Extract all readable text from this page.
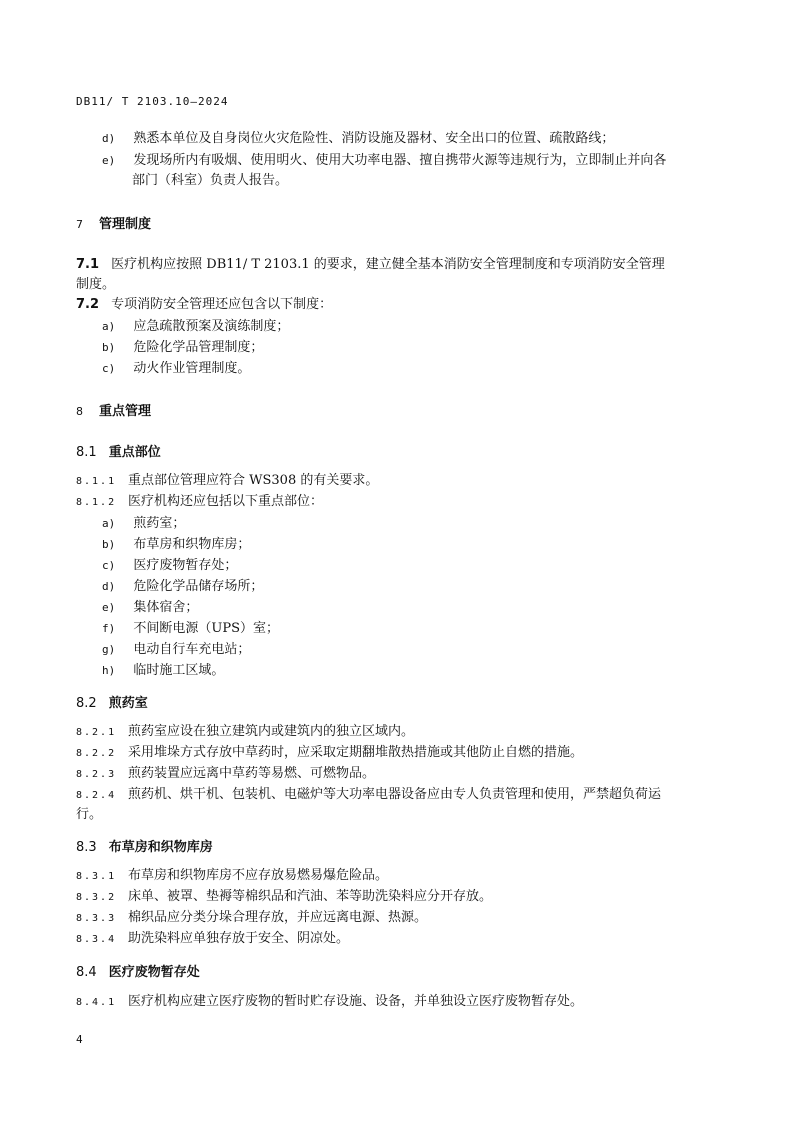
DB11/ T 2103.10—2024
d) 熟悉本单位及自身岗位火灾危险性、消防设施及器材、安全出口的位置、疏散路线；
e) 发现场所内有吸烟、使用明火、使用大功率电器、擅自携带火源等违规行为，立即制止并向各
部门（科室）负责人报告。
7 管理制度
7.1 医疗机构应按照 DB11/ T 2103.1 的要求，建立健全基本消防安全管理制度和专项消防安全管理
制度。
7.2 专项消防安全管理还应包含以下制度：
a) 应急疏散预案及演练制度；
b) 危险化学品管理制度；
c) 动火作业管理制度。
8 重点管理
8.1 重点部位
8.1.1 重点部位管理应符合 WS308 的有关要求。
8.1.2 医疗机构还应包括以下重点部位：
a) 煎药室；
b) 布草房和织物库房；
c) 医疗废物暂存处；
d) 危险化学品储存场所；
e) 集体宿舍；
f) 不间断电源（UPS）室；
g) 电动自行车充电站；
h) 临时施工区域。
8.2 煎药室
8.2.1 煎药室应设在独立建筑内或建筑内的独立区域内。
8.2.2 采用堆垛方式存放中草药时，应采取定期翻堆散热措施或其他防止自燃的措施。
8.2.3 煎药装置应远离中草药等易燃、可燃物品。
8.2.4 煎药机、烘干机、包装机、电磁炉等大功率电器设备应由专人负责管理和使用，严禁超负荷运
行。
8.3 布草房和织物库房
8.3.1 布草房和织物库房不应存放易燃易爆危险品。
8.3.2 床单、被罩、垫褥等棉织品和汽油、苯等助洗染料应分开存放。
8.3.3 棉织品应分类分垛合理存放，并应远离电源、热源。
8.3.4 助洗染料应单独存放于安全、阴凉处。
8.4 医疗废物暂存处
8.4.1 医疗机构应建立医疗废物的暂时贮存设施、设备，并单独设立医疗废物暂存处。
4
